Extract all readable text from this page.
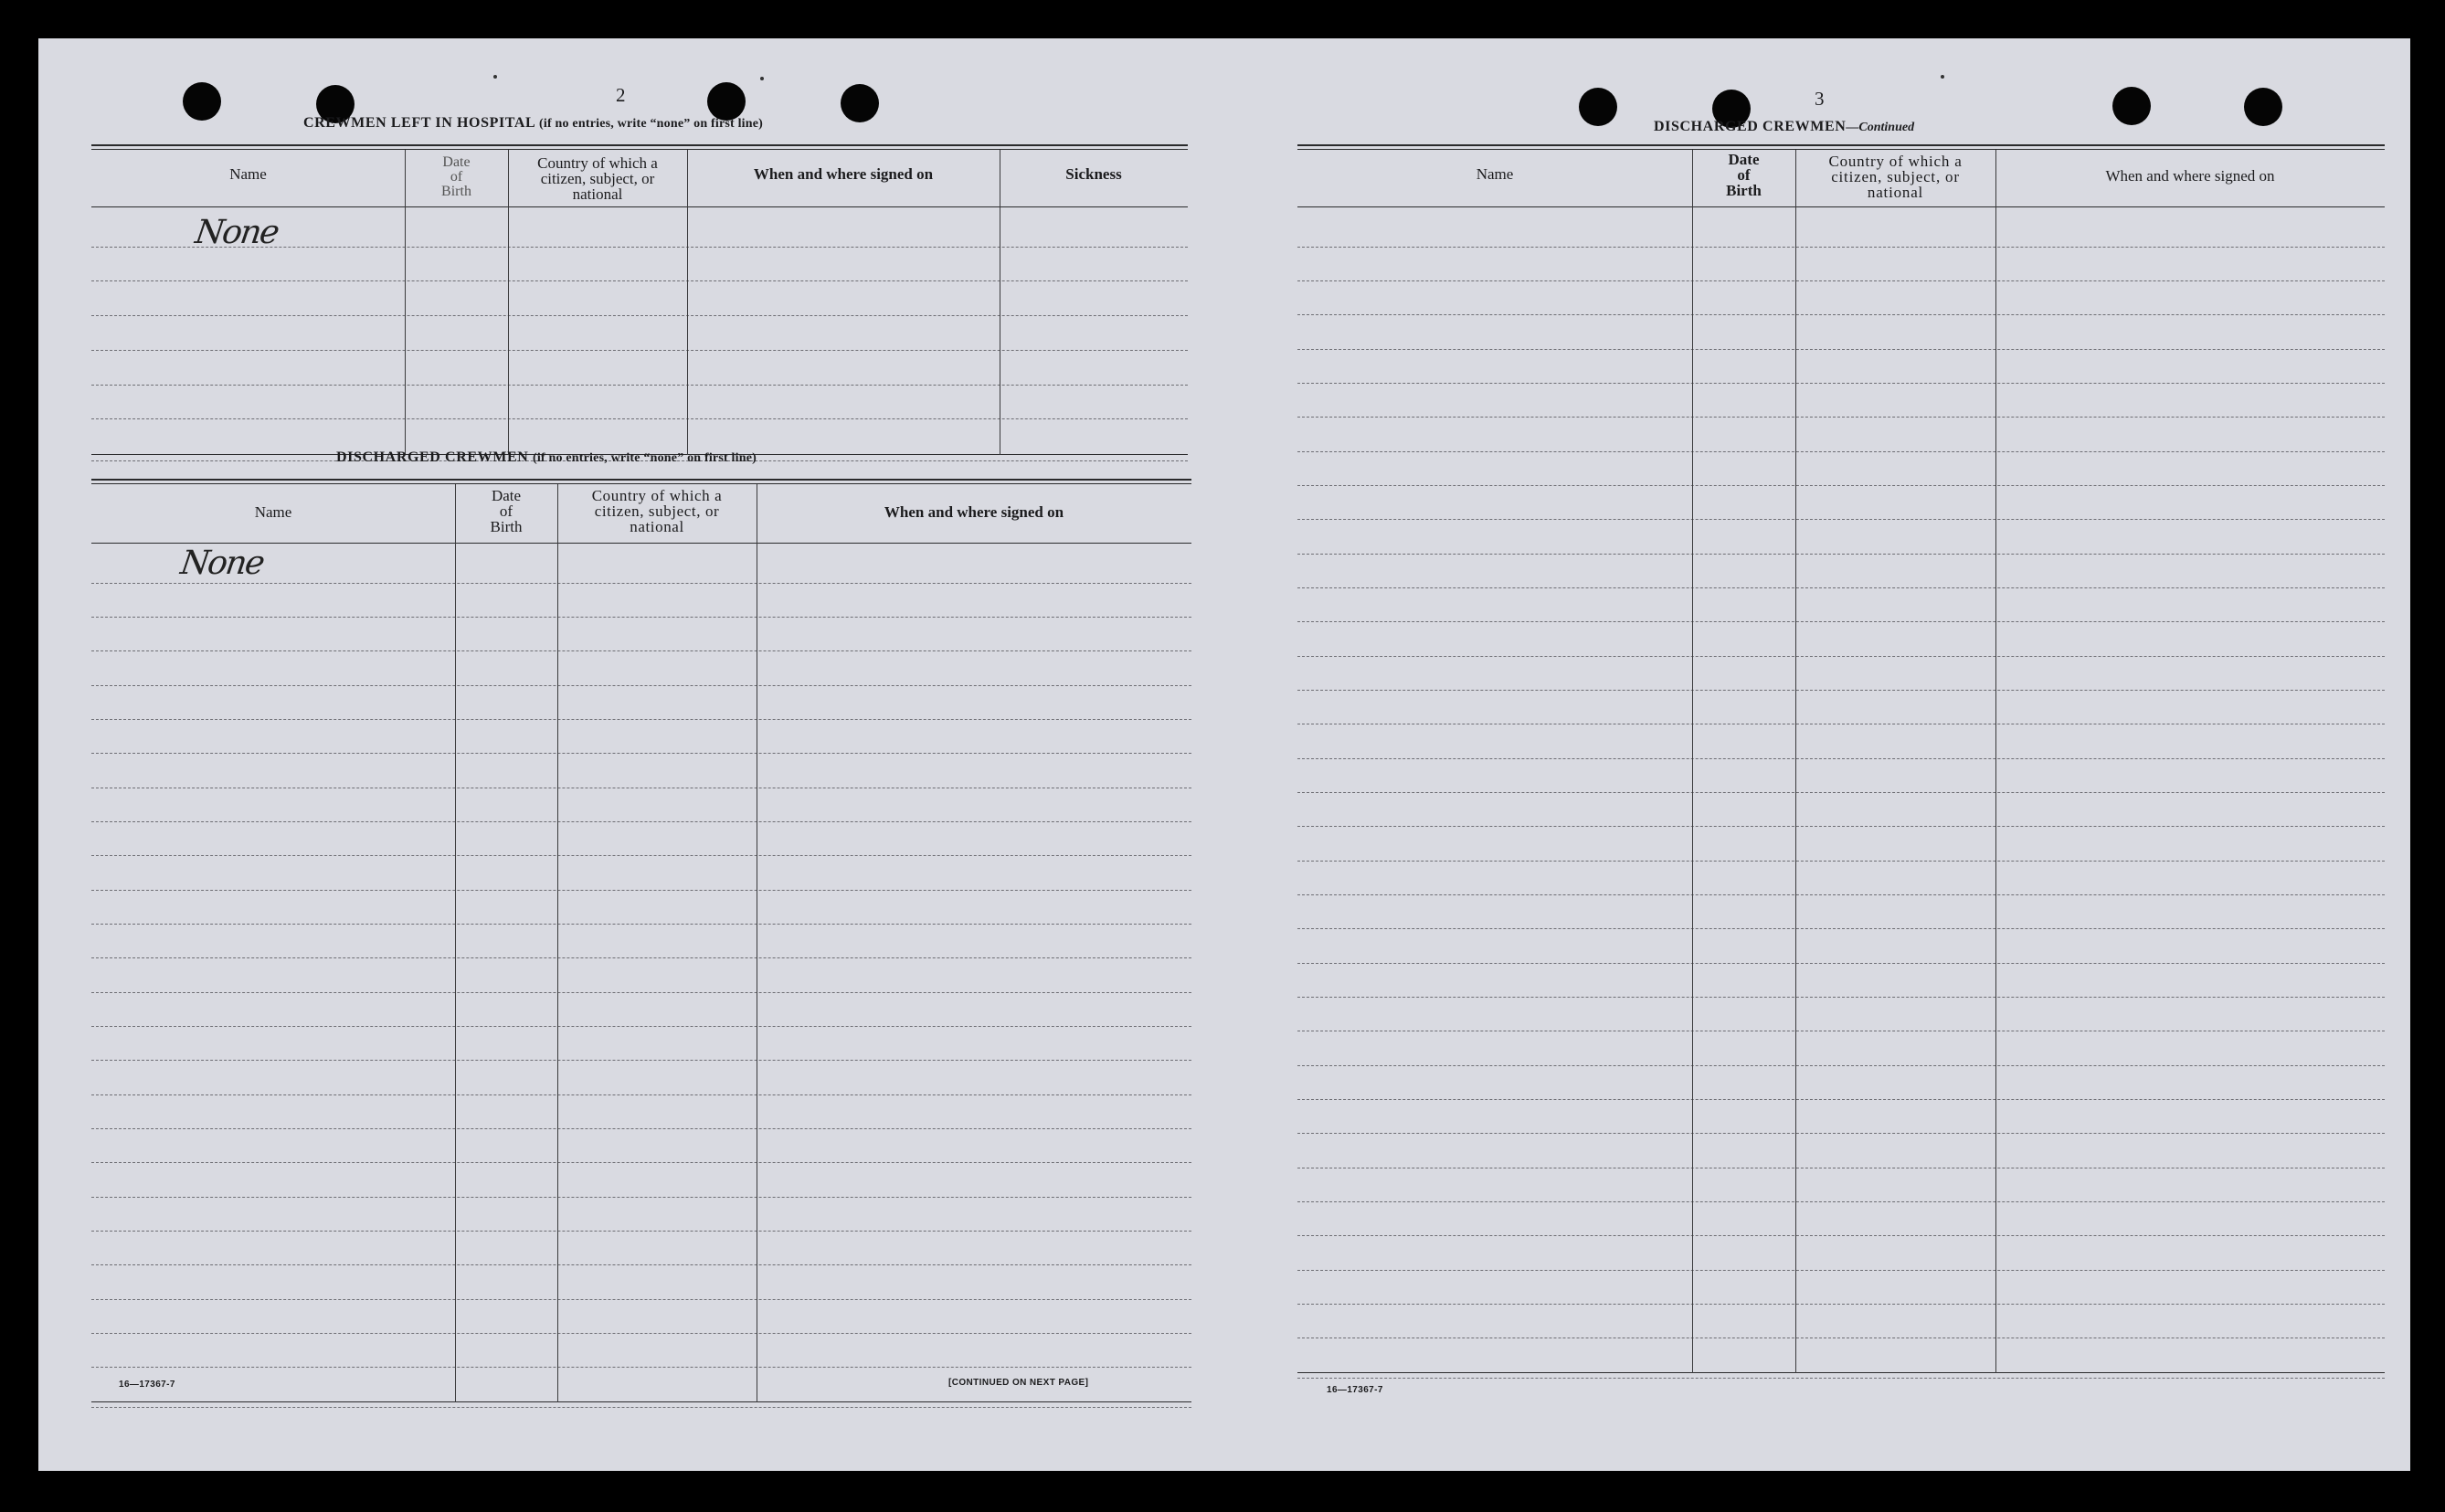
2
CREWMEN LEFT IN HOSPITAL (if no entries, write “none” on first line)
Name
Date
of
Birth
Country of which a
citizen, subject, or
national
When and where signed on	Sickness
None
DISCHARGED CREWMEN (if no entries, write “none” on first line)
Name
Date
of
Birth
Country of which a
citizen, subject, or
national
When and where signed on
None
16—17367-7	[CONTINUED ON NEXT PAGE]
3
DISCHARGED CREWMEN—Continued
Name
Date
of
Birth
Country of which a
citizen, subject, or
national
When and where signed on
16—17367-7
